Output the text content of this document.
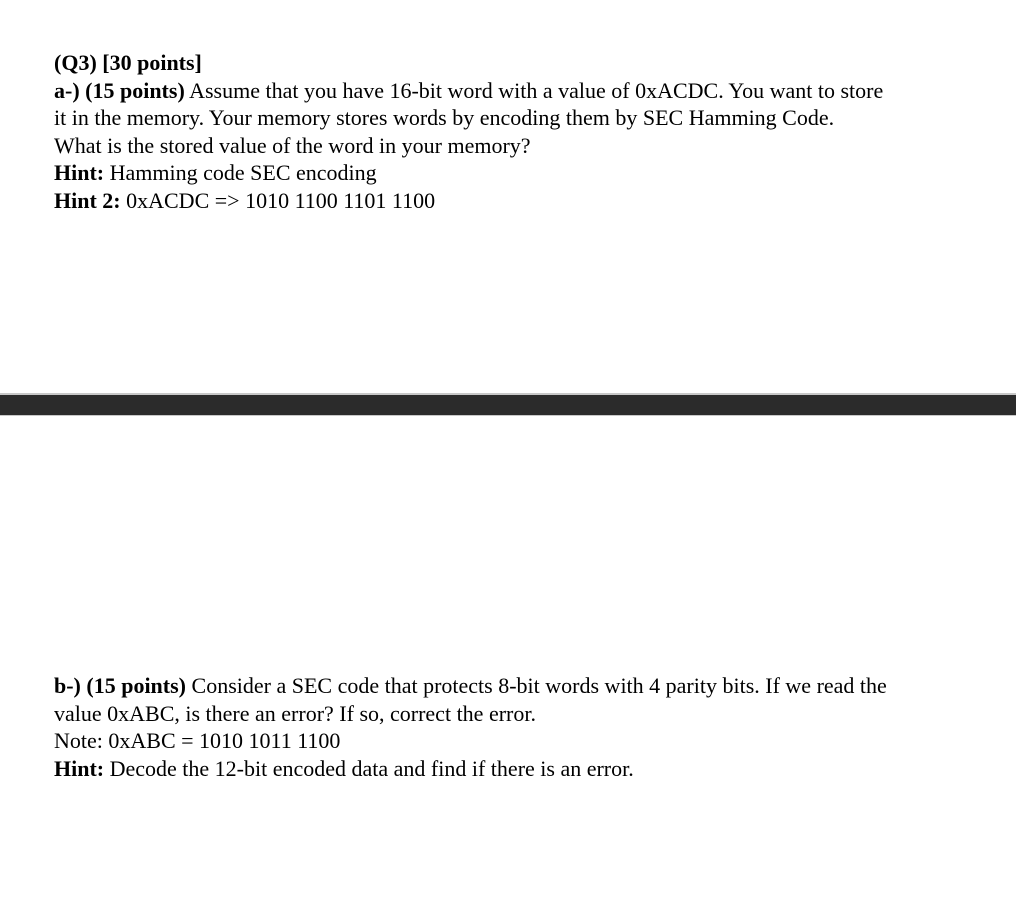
(Q3) [30 points]
a-) (15 points) Assume that you have 16-bit word with a value of 0xACDC. You want to store
it in the memory. Your memory stores words by encoding them by SEC Hamming Code.
What is the stored value of the word in your memory?
Hint: Hamming code SEC encoding
Hint 2: 0xACDC => 1010 1100 1101 1100
b-) (15 points) Consider a SEC code that protects 8-bit words with 4 parity bits. If we read the
value 0xABC, is there an error? If so, correct the error.
Note: 0xABC = 1010 1011 1100
Hint: Decode the 12-bit encoded data and find if there is an error.
